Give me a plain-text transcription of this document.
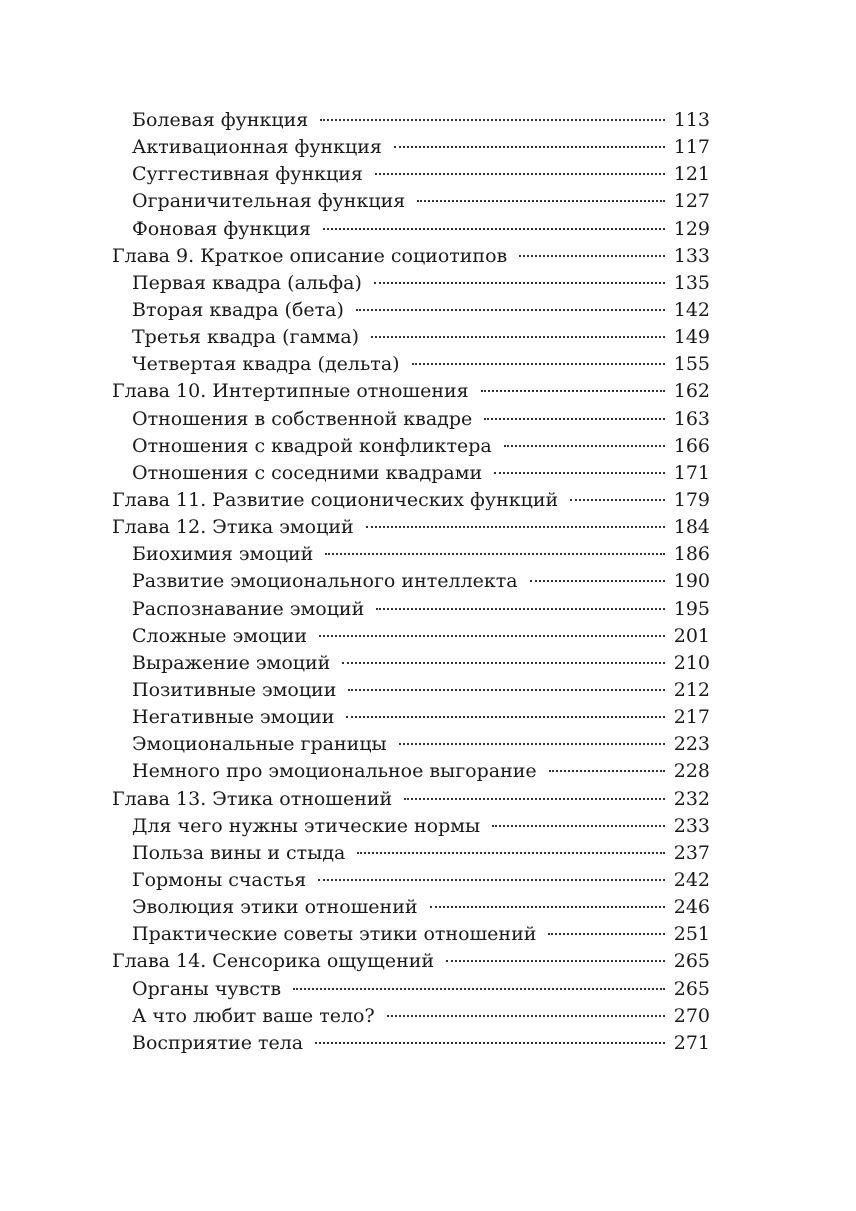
Болевая функция	113
Активационная функция	117
Суггестивная функция	121
Ограничительная функция	127
Фоновая функция	129
Глава 9. Краткое описание социотипов	133
Первая квадра (альфа)	135
Вторая квадра (бета)	142
Третья квадра (гамма)	149
Четвертая квадра (дельта)	155
Глава 10. Интертипные отношения	162
Отношения в собственной квадре	163
Отношения с квадрой конфликтера	166
Отношения с соседними квадрами	171
Глава 11. Развитие соционических функций	179
Глава 12. Этика эмоций	184
Биохимия эмоций	186
Развитие эмоционального интеллекта	190
Распознавание эмоций	195
Сложные эмоции	201
Выражение эмоций	210
Позитивные эмоции	212
Негативные эмоции	217
Эмоциональные границы	223
Немного про эмоциональное выгорание	228
Глава 13. Этика отношений	232
Для чего нужны этические нормы	233
Польза вины и стыда	237
Гормоны счастья	242
Эволюция этики отношений	246
Практические советы этики отношений	251
Глава 14. Сенсорика ощущений	265
Органы чувств	265
А что любит ваше тело?	270
Восприятие тела	271
